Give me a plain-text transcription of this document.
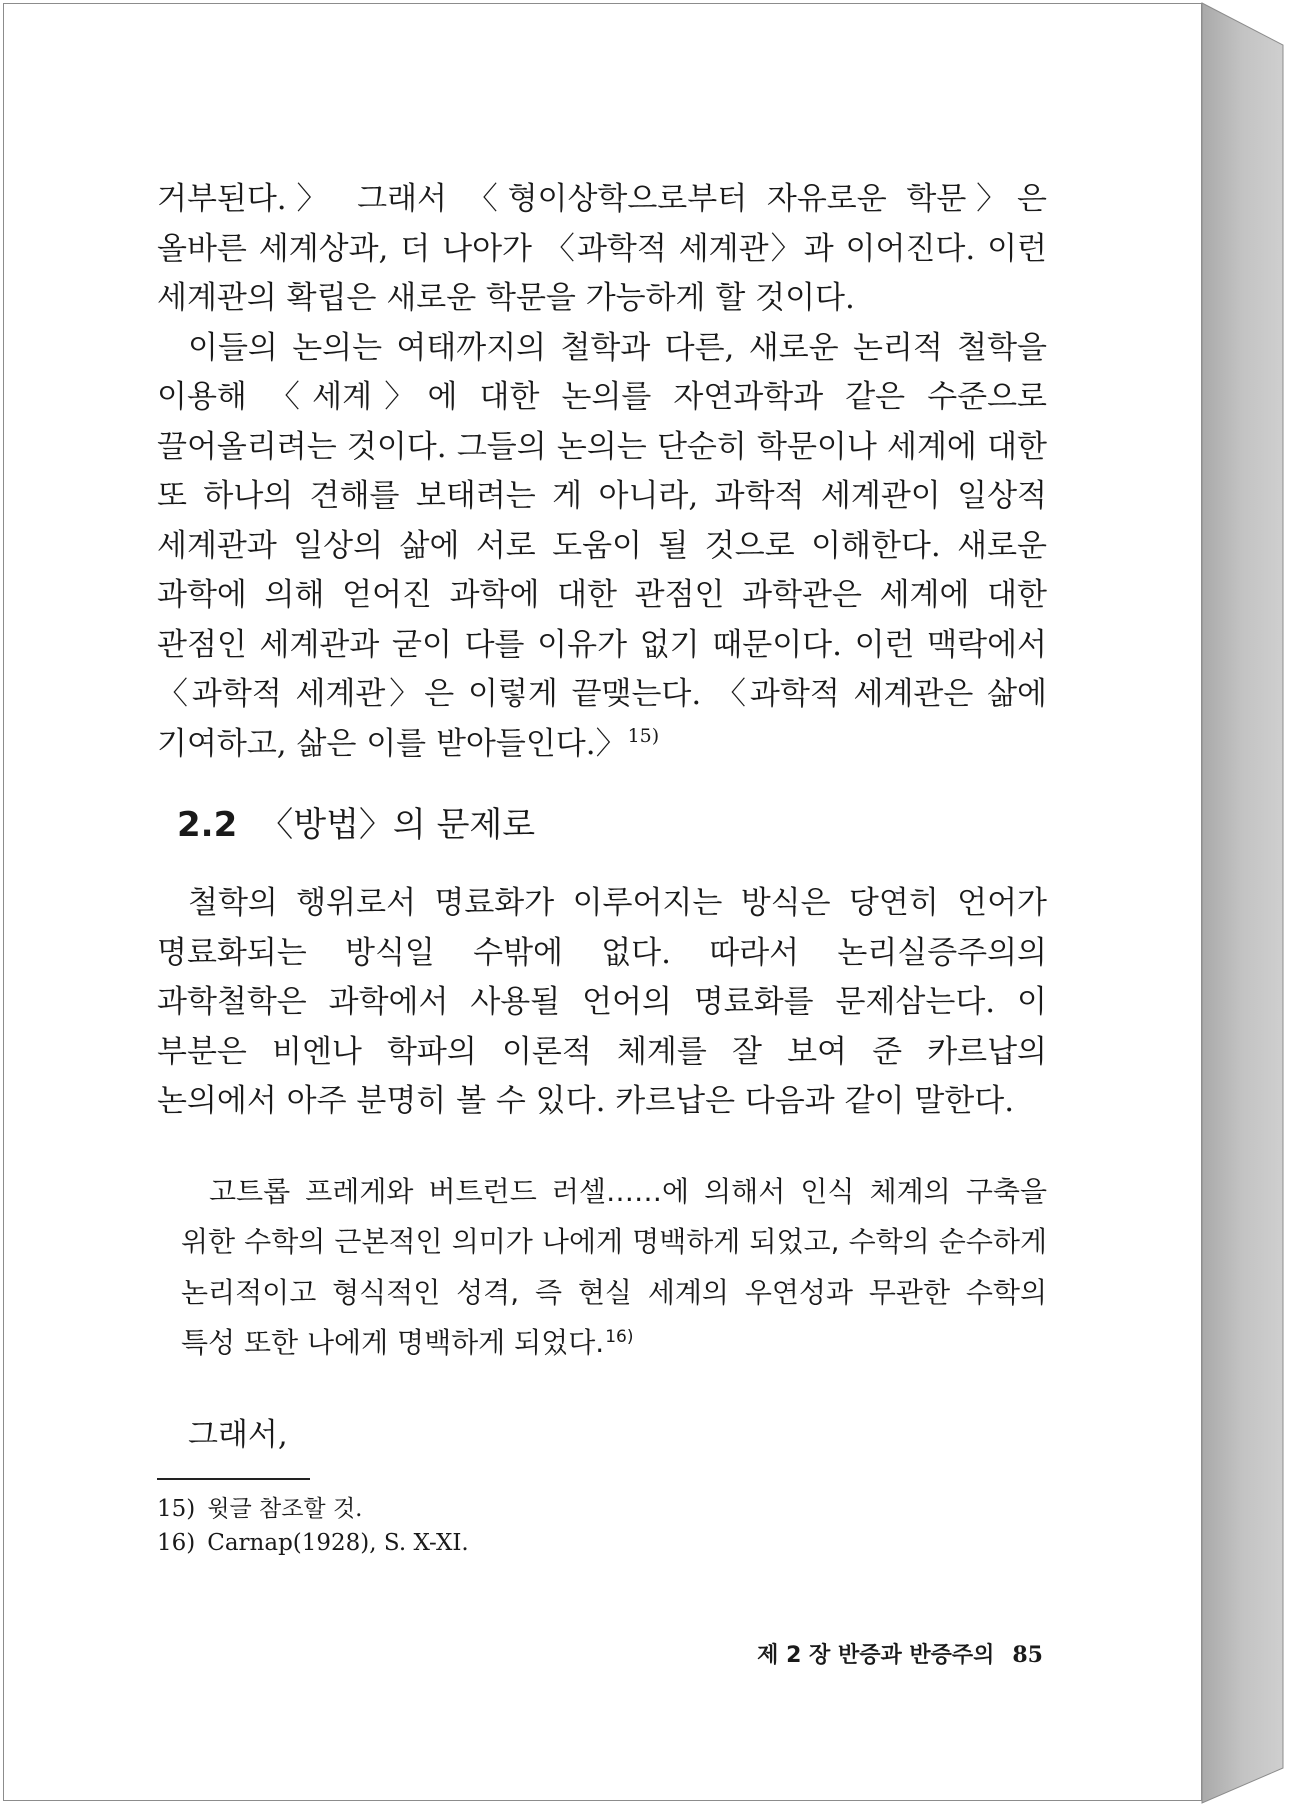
거부된다.〉 그래서 〈형이상학으로부터 자유로운 학문〉은 올바른 세계상과, 더 나아가 〈과학적 세계관〉과 이어진다. 이런 세계관의 확립은 새로운 학문을 가능하게 할 것이다.

이들의 논의는 여태까지의 철학과 다른, 새로운 논리적 철학을 이용해 〈세계〉에 대한 논의를 자연과학과 같은 수준으로 끌어올리려는 것이다. 그들의 논의는 단순히 학문이나 세계에 대한 또 하나의 견해를 보태려는 게 아니라, 과학적 세계관이 일상적 세계관과 일상의 삶에 서로 도움이 될 것으로 이해한다. 새로운 과학에 의해 얻어진 과학에 대한 관점인 과학관은 세계에 대한 관점인 세계관과 굳이 다를 이유가 없기 때문이다. 이런 맥락에서 〈과학적 세계관〉은 이렇게 끝맺는다. 〈과학적 세계관은 삶에 기여하고, 삶은 이를 받아들인다.〉$^{15)}$

2.2 〈방법〉의 문제로

철학의 행위로서 명료화가 이루어지는 방식은 당연히 언어가 명료화되는 방식일 수밖에 없다. 따라서 논리실증주의의 과학철학은 과학에서 사용될 언어의 명료화를 문제삼는다. 이 부분은 비엔나 학파의 이론적 체계를 잘 보여 준 카르납의 논의에서 아주 분명히 볼 수 있다. 카르납은 다음과 같이 말한다.

고트롭 프레게와 버트런드 러셀……에 의해서 인식 체계의 구축을 위한 수학의 근본적인 의미가 나에게 명백하게 되었고, 수학의 순수하게 논리적이고 형식적인 성격, 즉 현실 세계의 우연성과 무관한 수학의 특성 또한 나에게 명백하게 되었다.$^{16)}$

그래서,

15) 윗글 참조할 것.

16) Carnap(1928), S. X-XI.

제 2 장 반증과 반증주의 85
